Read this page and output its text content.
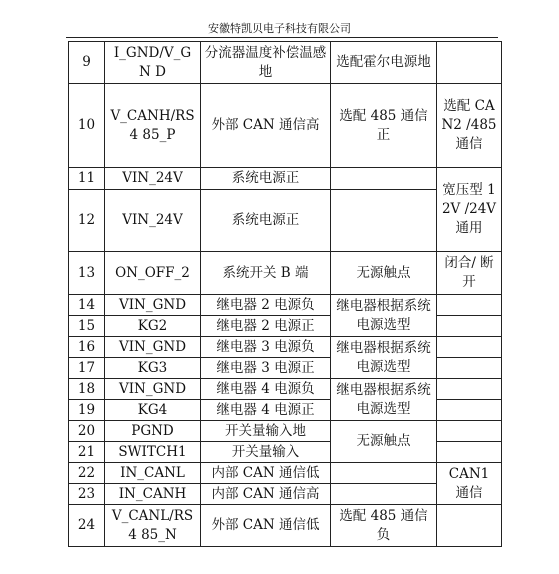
安徽特凯贝电子科技有限公司
9	I_GND/V_GN D	分流器温度补偿温感地	选配霍尔电源地	
10	V_CANH/RS4 85_P	外部 CAN 通信高	选配 485 通信正	选配 CAN2 /485 通信
11	VIN_24V	系统电源正		宽压型 12V /24V 通用
12	VIN_24V	系统电源正		
13	ON_OFF_2	系统开关 B 端	无源触点	闭合/ 断开
14	VIN_GND	继电器 2 电源负	继电器根据系统电源选型	
15	KG2	继电器 2 电源正		
16	VIN_GND	继电器 3 电源负	继电器根据系统电源选型	
17	KG3	继电器 3 电源正		
18	VIN_GND	继电器 4 电源负	继电器根据系统电源选型	
19	KG4	继电器 4 电源正		
20	PGND	开关量输入地	无源触点	
21	SWITCH1	开关量输入		
22	IN_CANL	内部 CAN 通信低		CAN1 通信
23	IN_CANH	内部 CAN 通信高		
24	V_CANL/RS4 85_N	外部 CAN 通信低	选配 485 通信负	
